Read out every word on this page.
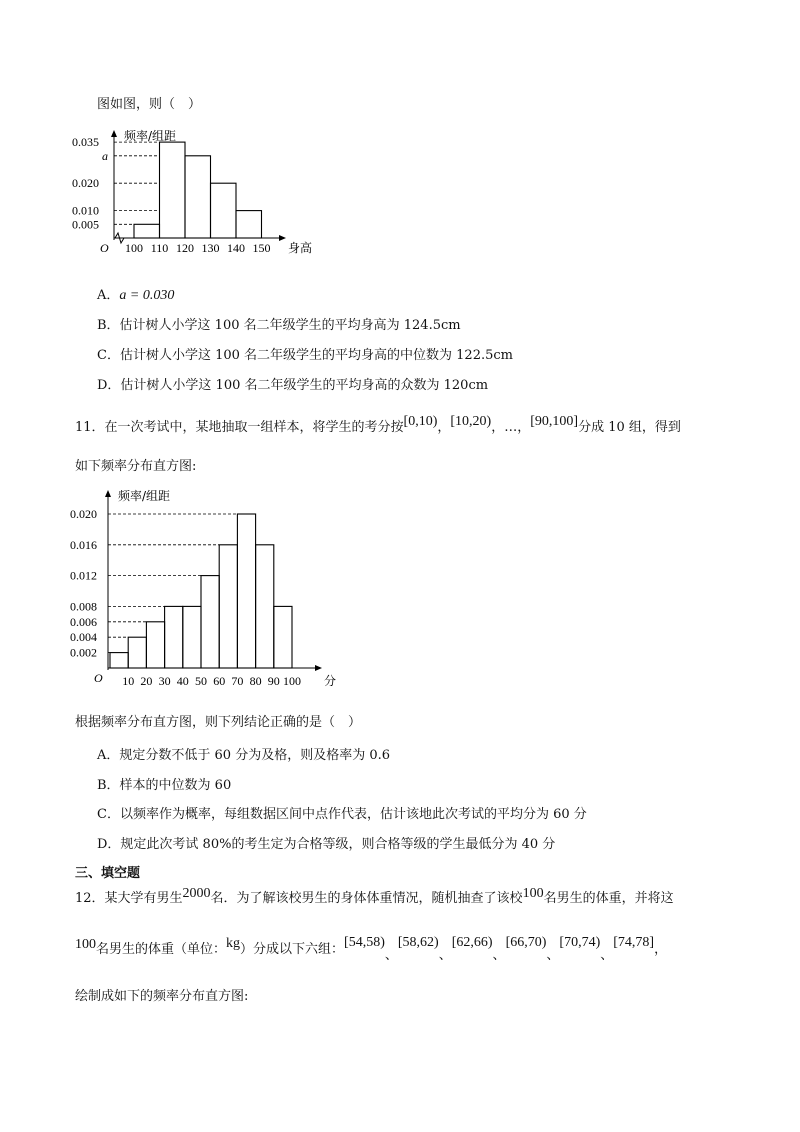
图如图，则（　）
频率/组距
O
0.035
a
0.020
0.010
0.005
100 110 120 130 140 150 身高
A．a = 0.030
B．估计树人小学这 100 名二年级学生的平均身高为 124.5cm
C．估计树人小学这 100 名二年级学生的平均身高的中位数为 122.5cm
D．估计树人小学这 100 名二年级学生的平均身高的众数为 120cm
11．在一次考试中，某地抽取一组样本，将学生的考分按[0,10)，[10,20)，…，[90,100]分成 10 组，得到
如下频率分布直方图:
频率/组距
O
0.020
0.016
0.012
0.008
0.006
0.004
0.002
10 20 30 40 50 60 70 80 90 100 分
根据频率分布直方图，则下列结论正确的是（　）
A．规定分数不低于 60 分为及格，则及格率为 0.6
B．样本的中位数为 60
C．以频率作为概率，每组数据区间中点作代表，估计该地此次考试的平均分为 60 分
D．规定此次考试 80%的考生定为合格等级，则合格等级的学生最低分为 40 分
三、填空题
12．某大学有男生2000名．为了解该校男生的身体体重情况，随机抽查了该校100名男生的体重，并将这
100名男生的体重（单位：kg）分成以下六组：[54,58)、[58,62)、[62,66)、[66,70)、[70,74)、[74,78]，
绘制成如下的频率分布直方图:
